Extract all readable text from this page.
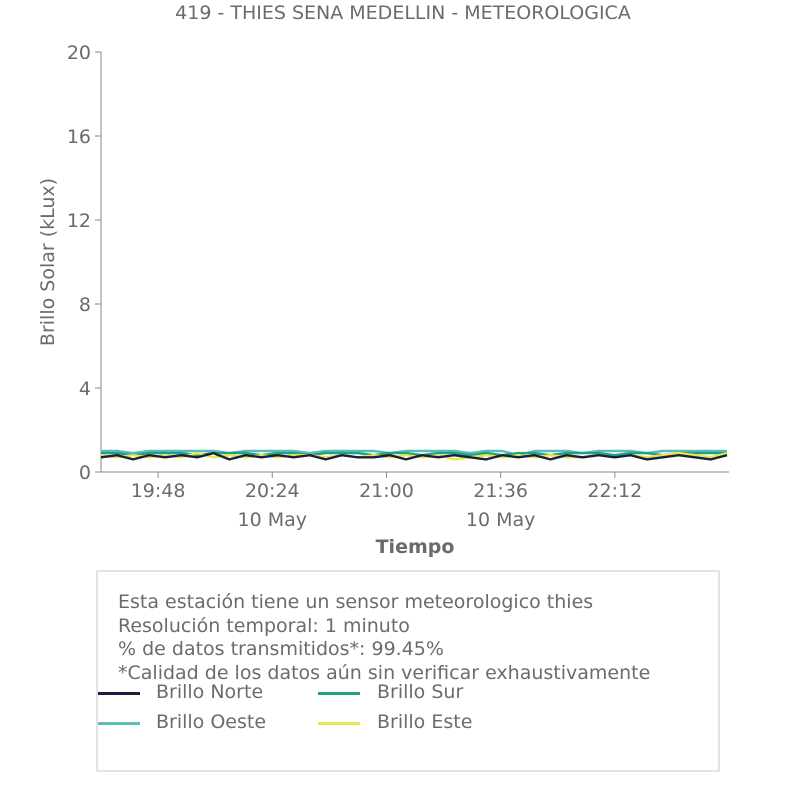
419 - THIES SENA MEDELLIN - METEOROLOGICA
0
4
8
12
16
20
19:48	20:24
10 May
21:00	21:36
10 May
22:12
Brillo Solar (kLux)
Tiempo
Esta estación tiene un sensor meteorologico thies
Resolución temporal: 1 minuto
% de datos transmitidos*: 99.45%
*Calidad de los datos aún sin verificar exhaustivamente
Brillo Norte	Brillo Sur
Brillo Oeste	Brillo Este
